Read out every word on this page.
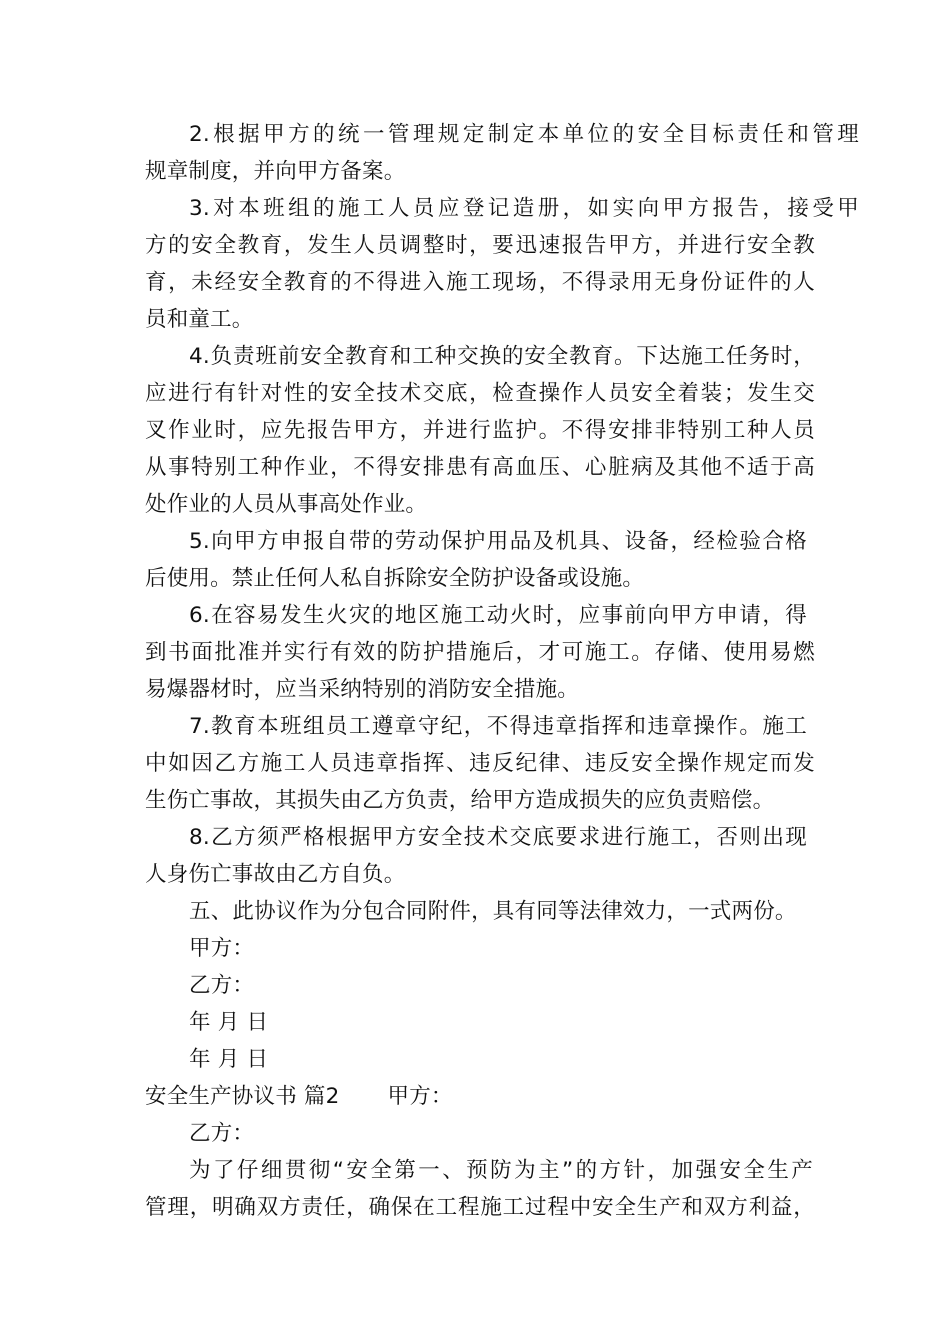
2.根据甲方的统一管理规定制定本单位的安全目标责任和管理
规章制度，并向甲方备案。
3.对本班组的施工人员应登记造册，如实向甲方报告，接受甲
方的安全教育，发生人员调整时，要迅速报告甲方，并进行安全教
育，未经安全教育的不得进入施工现场，不得录用无身份证件的人
员和童工。
4.负责班前安全教育和工种交换的安全教育。下达施工任务时，
应进行有针对性的安全技术交底，检查操作人员安全着装；发生交
叉作业时，应先报告甲方，并进行监护。不得安排非特别工种人员
从事特别工种作业，不得安排患有高血压、心脏病及其他不适于高
处作业的人员从事高处作业。
5.向甲方申报自带的劳动保护用品及机具、设备，经检验合格
后使用。禁止任何人私自拆除安全防护设备或设施。
6.在容易发生火灾的地区施工动火时，应事前向甲方申请，得
到书面批准并实行有效的防护措施后，才可施工。存储、使用易燃
易爆器材时，应当采纳特别的消防安全措施。
7.教育本班组员工遵章守纪，不得违章指挥和违章操作。施工
中如因乙方施工人员违章指挥、违反纪律、违反安全操作规定而发
生伤亡事故，其损失由乙方负责，给甲方造成损失的应负责赔偿。
8.乙方须严格根据甲方安全技术交底要求进行施工，否则出现
人身伤亡事故由乙方自负。
五、此协议作为分包合同附件，具有同等法律效力，一式两份。
甲方：
乙方：
年 月 日
年 月 日
安全生产协议书 篇2 甲方：
乙方：
为了仔细贯彻“安全第一、预防为主”的方针，加强安全生产
管理，明确双方责任，确保在工程施工过程中安全生产和双方利益，
